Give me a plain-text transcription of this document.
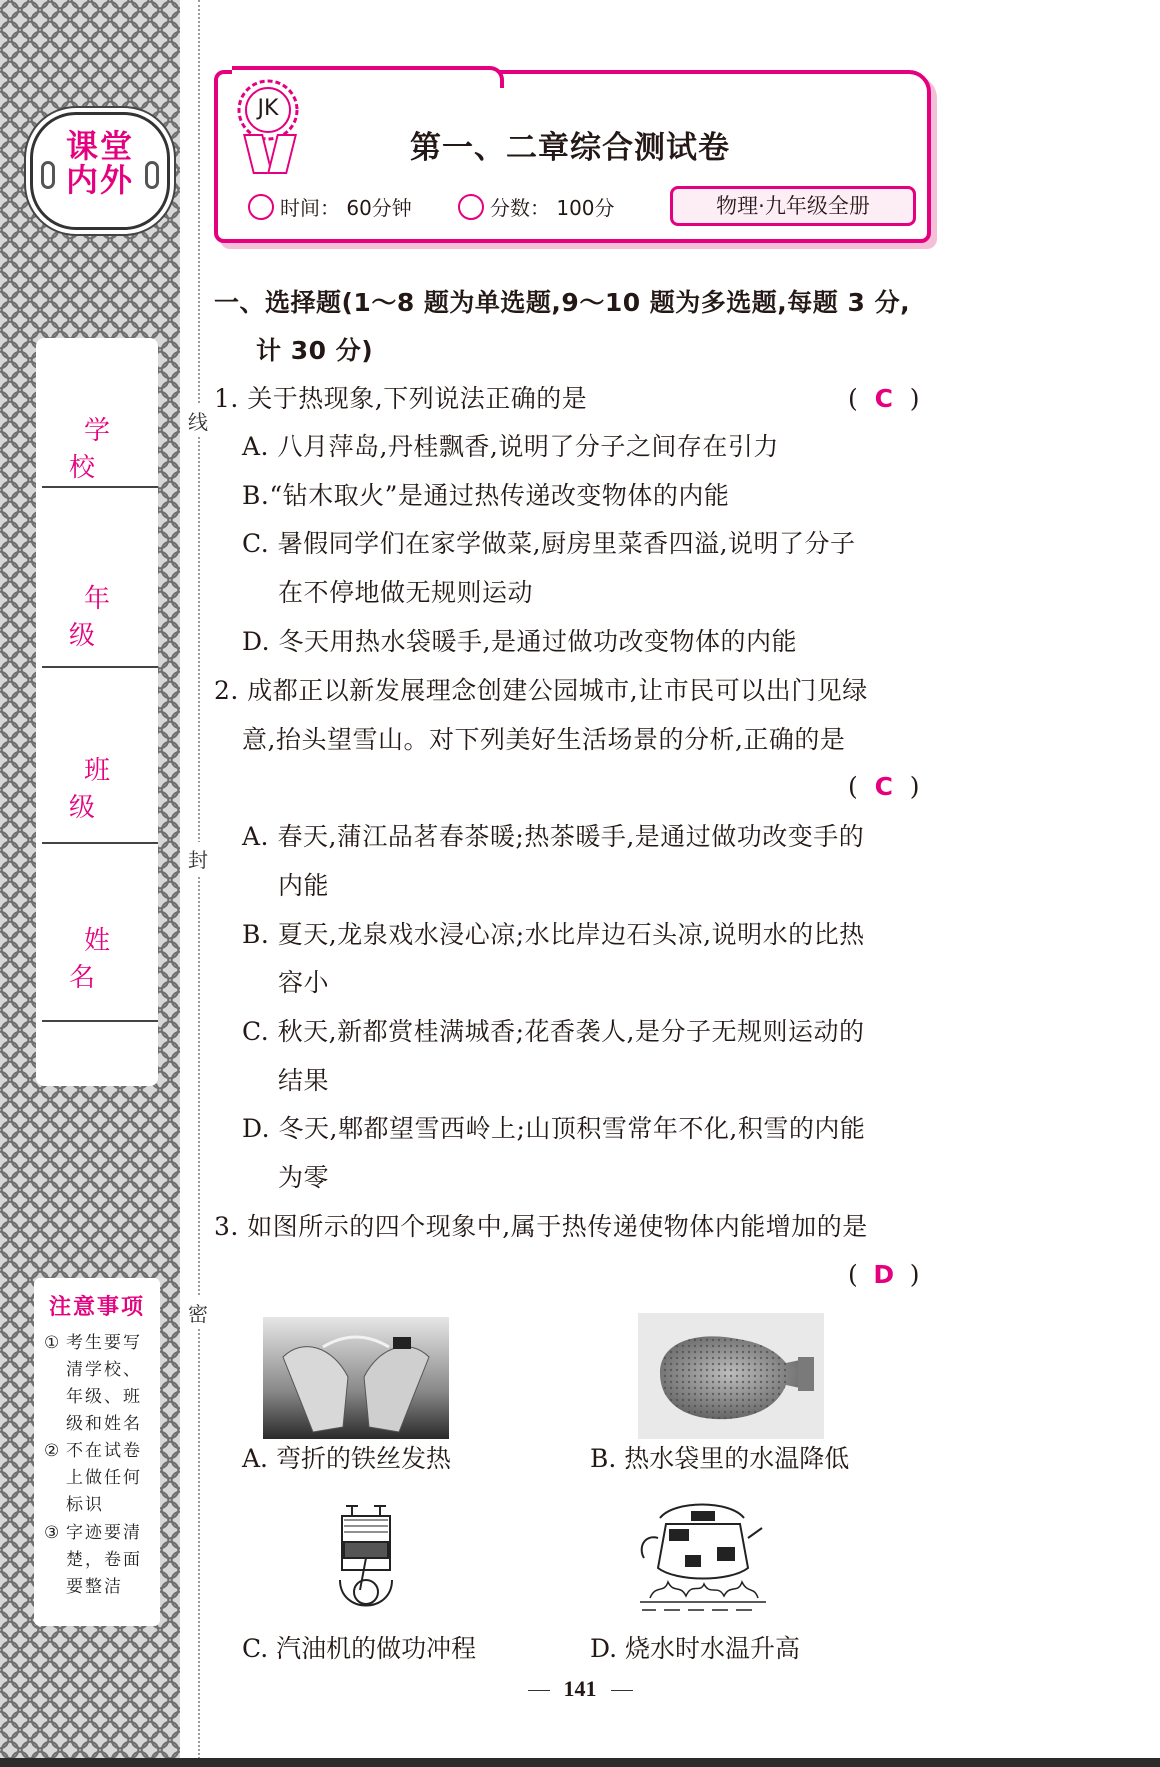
课堂
内外
学校
年级
班级
姓名
注意事项
① 考生要写清学校、年级、班级和姓名
② 不在试卷上做任何标识
③ 字迹要清楚，卷面要整洁
线
封
密
JK
第一、二章综合测试卷
时间： 60分钟	分数： 100分	物理·九年级全册
一、选择题(1～8 题为单选题,9～10 题为多选题,每题 3 分,
计 30 分)
1. 关于热现象,下列说法正确的是	( C )
A. 八月萍岛,丹桂飘香,说明了分子之间存在引力
B.“钻木取火”是通过热传递改变物体的内能
C. 暑假同学们在家学做菜,厨房里菜香四溢,说明了分子
在不停地做无规则运动
D. 冬天用热水袋暖手,是通过做功改变物体的内能
2. 成都正以新发展理念创建公园城市,让市民可以出门见绿
意,抬头望雪山。对下列美好生活场景的分析,正确的是
( C )
A. 春天,蒲江品茗春茶暖;热茶暖手,是通过做功改变手的
内能
B. 夏天,龙泉戏水浸心凉;水比岸边石头凉,说明水的比热
容小
C. 秋天,新都赏桂满城香;花香袭人,是分子无规则运动的
结果
D. 冬天,郫都望雪西岭上;山顶积雪常年不化,积雪的内能
为零
3. 如图所示的四个现象中,属于热传递使物体内能增加的是
( D )
A. 弯折的铁丝发热	B. 热水袋里的水温降低
C. 汽油机的做功冲程	D. 烧水时水温升高
141
